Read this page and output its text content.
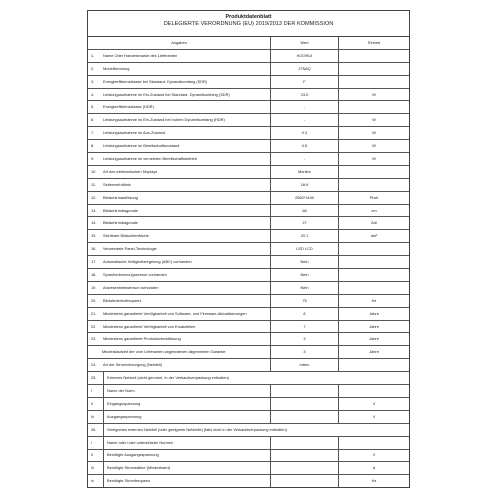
Produktdatenblatt
DELEGIERTE VERORDNUNG (EU) 2019/2013 DER KOMMISSION
Angaben	Wert	Einheit
1.	Name Oder Handelsmarke des Lieferanten	KOORUI
2.	Modellkennung	27N6Q
3.	Energieeffizienzklasse bei Standard- Dynamikumfang (SDR)	F
4.	Leistungsaufnahme im Ein-Zustand bei Standard- Dynamikumfang (SDR)	23.0	W
5.	Energieeffizienzklasse (HDR)	-
6.	Leistungsaufnahme im Ein-Zustand bei hohem Dynamikumfang (HDR)	-	W
7.	Leistungsaufnahme im Aus-Zustand	0.3	W
8.	Leistungsaufnahme im Bereitschaftszustand	0.5	W
9.	Leistungsaufnahme im vernetzten Bereitschaftsbetrieb	-	W
10.	Art des elektronischen Displays	Monitor
11.	Seitenverhältnis	16:9
12.	Bildschirmauflösung	2560*1440	Pixel
13.	Bildschirmdiagonale	68	cm
14.	Bildschirmdiagonale	27	Zoll
15.	Sichtbare Bildschirmfläche	20.1	dm²
16.	Verwendete Panel-Technologie	LED LCD
17.	Automatische Helligkeitsregelung (ABC) vorhanden	Nein
18.	Spracherkennungssensor vorhanden	Nein
19.	Anwesenheitssensor vorhanden	Nein
20.	Bildwiederholfrequenz	75	Hz
21.	Mindestens garantierte Verfügbarkeit von Software- und Firmware-Aktualisierungen	8	Jahre
22.	Mindestens garantierte Verfügbarkeit von Ersatzteilen	7	Jahre
23.	Mindestens garantierte Produktunterstützung	3	Jahre
Mindestlaufzeit der vom Lieferanten angebotenen allgemeinen Garantie	3	Jahre
24.	Art der Stromversorgung (Netzteil)	Intern
25.	Externes Netzteil (nicht genormt, in der Verkaufsverpackung enthalten)
i	Name der Norm
ii	Eingangsspannung	V
iii	Ausgangsspannung	V
26.	Geeignetes externes Netzteil (oder geeignete Netzteile) (falls nicht in der Verkaufsverpackung enthalten)
i	Name oder Liste unterstützter Normen
ii	Benötigte Ausgangsspannung	V
iii	Benötigte Stromstärke (Mindestwert)	A
iv	Benötigte Stromfrequenz	Hz
